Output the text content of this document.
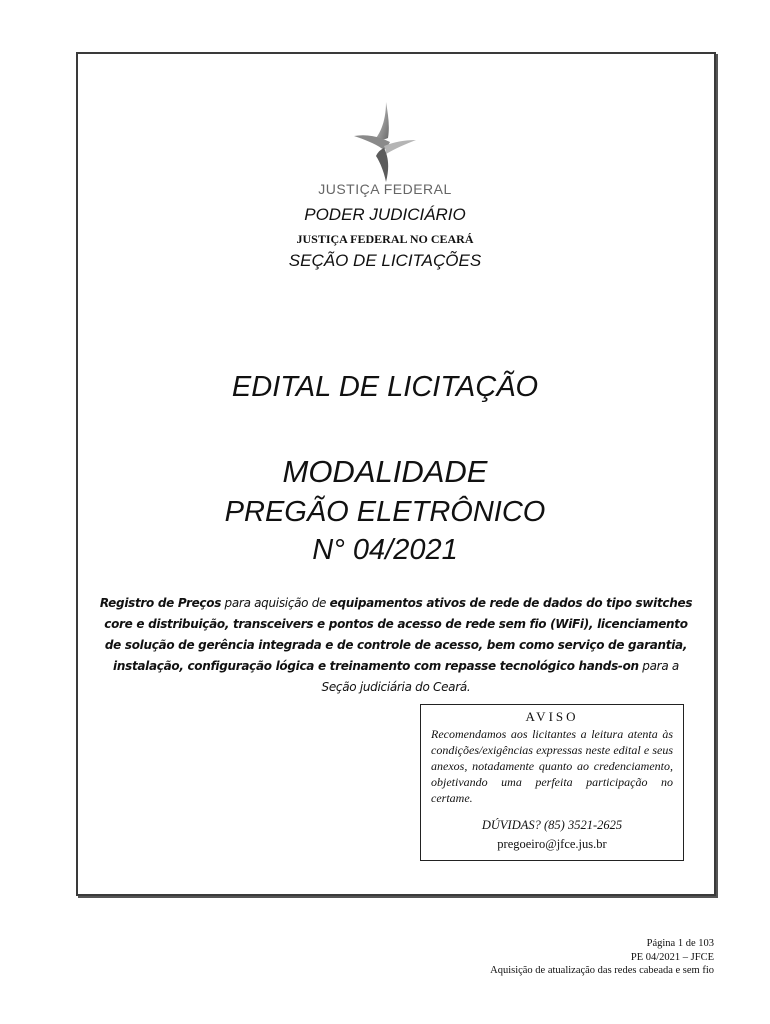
JUSTIÇA FEDERAL
PODER JUDICIÁRIO
JUSTIÇA FEDERAL NO CEARÁ
SEÇÃO DE LICITAÇÕES
EDITAL DE LICITAÇÃO
MODALIDADE
PREGÃO ELETRÔNICO
N° 04/2021
Registro de Preços para aquisição de equipamentos ativos de rede de dados do tipo switches core e distribuição, transceivers e pontos de acesso de rede sem fio (WiFi), licenciamento de solução de gerência integrada e de controle de acesso, bem como serviço de garantia, instalação, configuração lógica e treinamento com repasse tecnológico hands-on para a Seção judiciária do Ceará.
AVISO
Recomendamos aos licitantes a leitura atenta às condições/exigências expressas neste edital e seus anexos, notadamente quanto ao credenciamento, objetivando uma perfeita participação no certame.
DÚVIDAS? (85) 3521-2625
pregoeiro@jfce.jus.br
Página 1 de 103
PE 04/2021 – JFCE
Aquisição de atualização das redes cabeada e sem fio
